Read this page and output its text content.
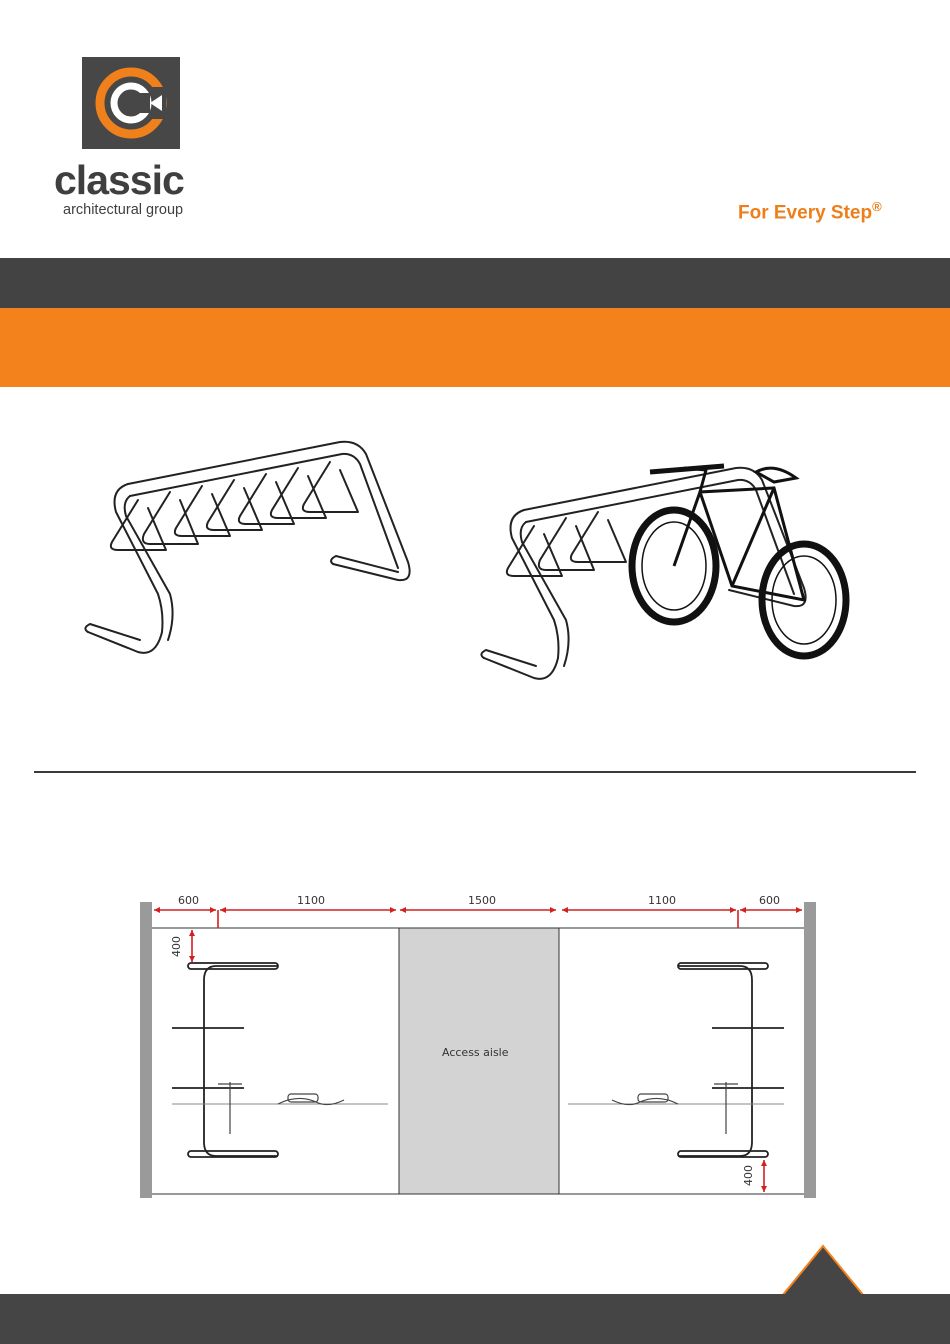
classic
architectural group	For Every Step®
600	1100	1500	1100	600
400
400
Access aisle
